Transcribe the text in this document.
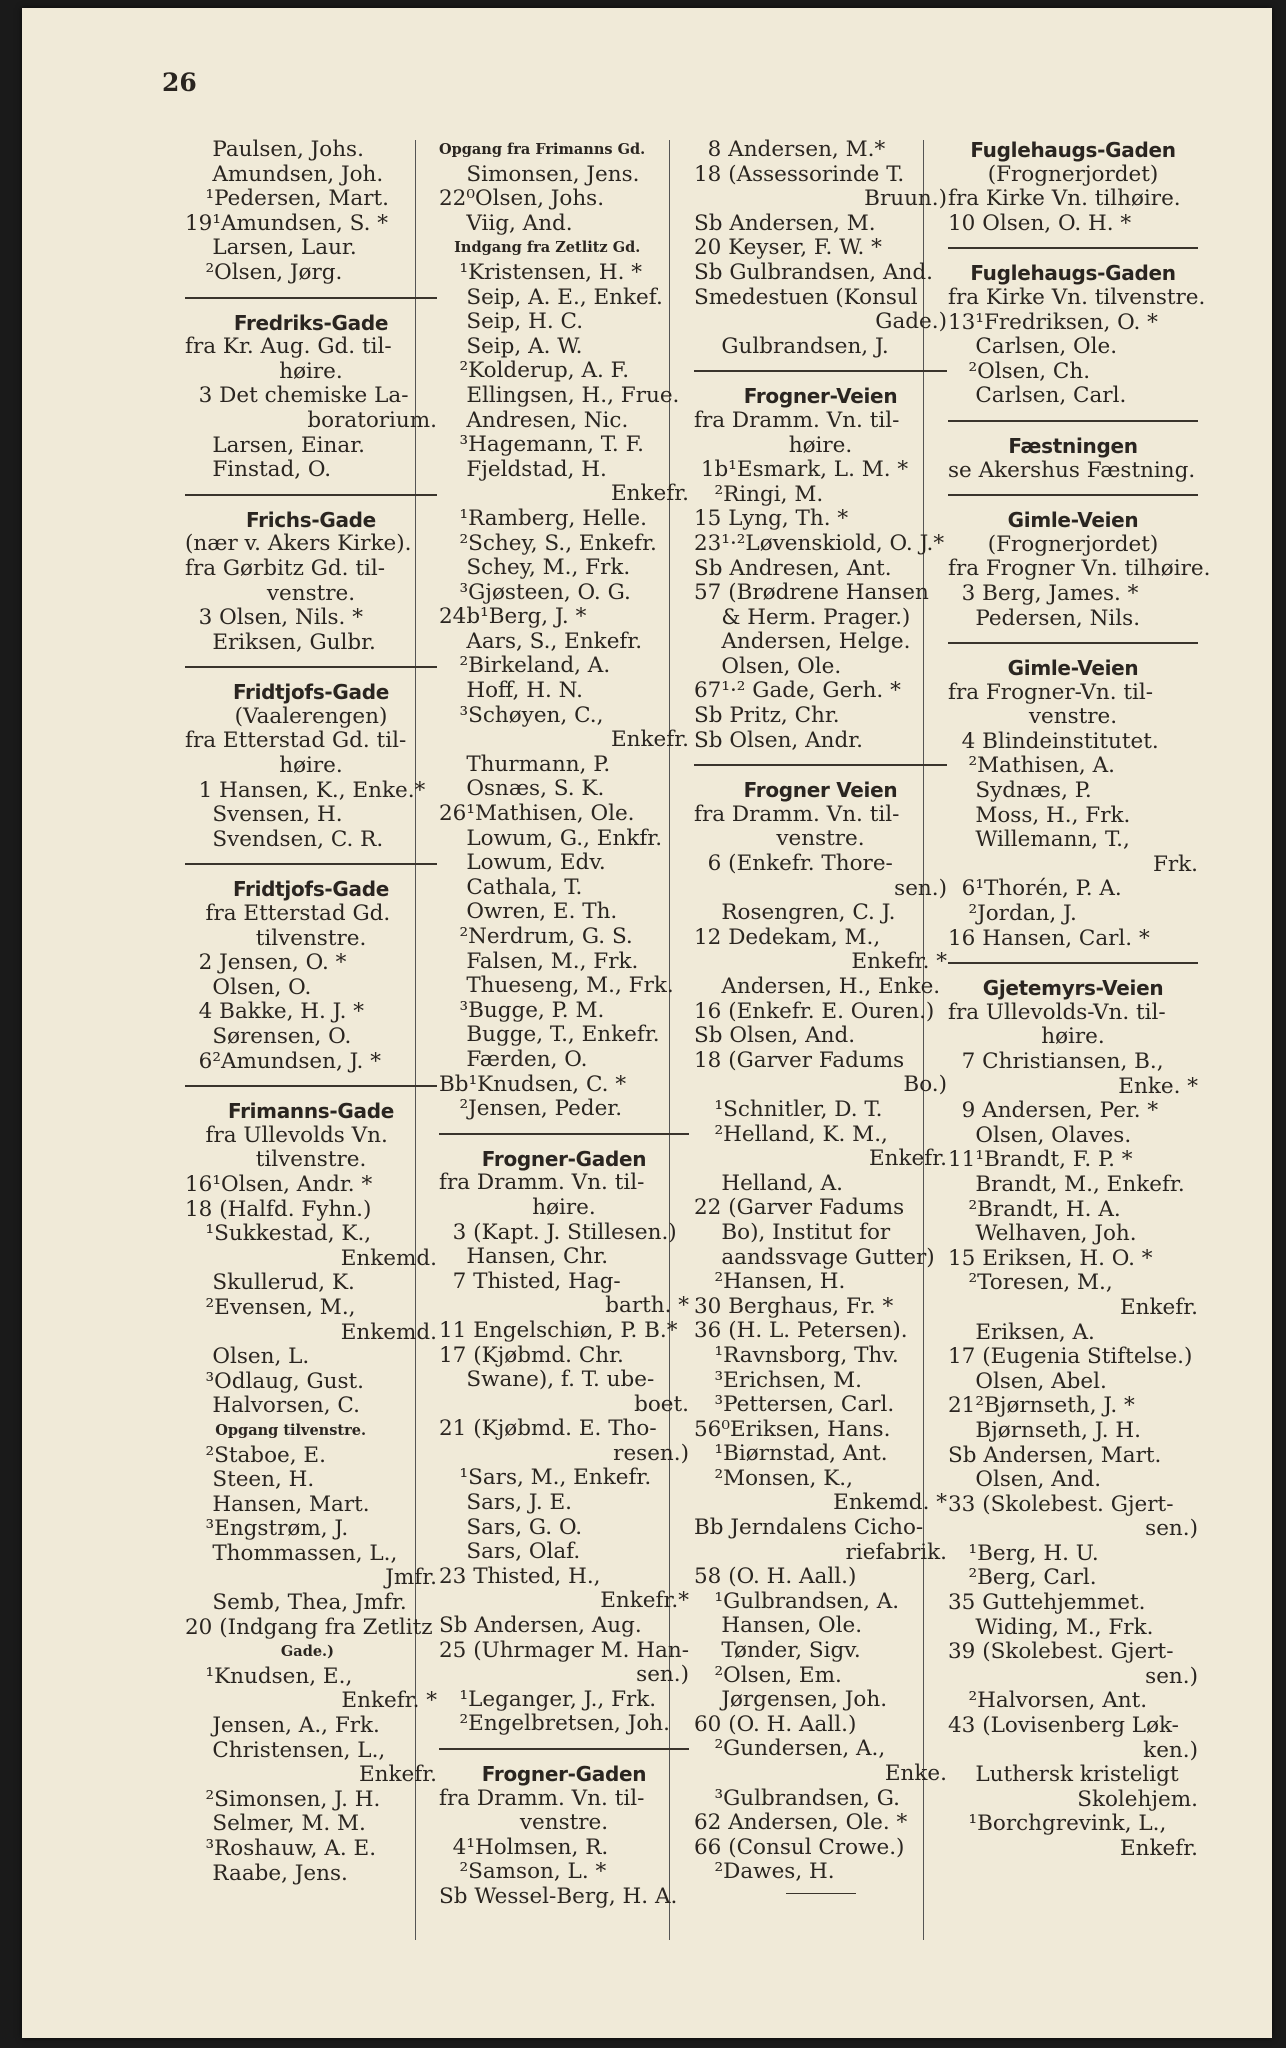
26
Paulsen, Johs.
Amundsen, Joh.
¹Pedersen, Mart.
19¹Amundsen, S. *
Larsen, Laur.
²Olsen, Jørg.
Fredriks-Gade
fra Kr. Aug. Gd. til-
høire.
3 Det chemiske La-
boratorium.
Larsen, Einar.
Finstad, O.
Frichs-Gade
(nær v. Akers Kirke).
fra Gørbitz Gd. til-
venstre.
3 Olsen, Nils. *
Eriksen, Gulbr.
Fridtjofs-Gade
(Vaalerengen)
fra Etterstad Gd. til-
høire.
1 Hansen, K., Enke.*
Svensen, H.
Svendsen, C. R.
Fridtjofs-Gade
fra Etterstad Gd.
tilvenstre.
2 Jensen, O. *
Olsen, O.
4 Bakke, H. J. *
Sørensen, O.
6²Amundsen, J. *
Frimanns-Gade
fra Ullevolds Vn.
tilvenstre.
16¹Olsen, Andr. *
18 (Halfd. Fyhn.)
¹Sukkestad, K.,
Enkemd.
Skullerud, K.
²Evensen, M.,
Enkemd.
Olsen, L.
³Odlaug, Gust.
Halvorsen, C.
Opgang tilvenstre.
²Staboe, E.
Steen, H.
Hansen, Mart.
³Engstrøm, J.
Thommassen, L.,
Jmfr.
Semb, Thea, Jmfr.
20 (Indgang fra Zetlitz
Gade.)
¹Knudsen, E.,
Enkefr. *
Jensen, A., Frk.
Christensen, L.,
Enkefr.
²Simonsen, J. H.
Selmer, M. M.
³Roshauw, A. E.
Raabe, Jens.
Opgang fra Frimanns Gd.
Simonsen, Jens.
22⁰Olsen, Johs.
Viig, And.
Indgang fra Zetlitz Gd.
¹Kristensen, H. *
Seip, A. E., Enkef.
Seip, H. C.
Seip, A. W.
²Kolderup, A. F.
Ellingsen, H., Frue.
Andresen, Nic.
³Hagemann, T. F.
Fjeldstad, H.
Enkefr.
¹Ramberg, Helle.
²Schey, S., Enkefr.
Schey, M., Frk.
³Gjøsteen, O. G.
24b¹Berg, J. *
Aars, S., Enkefr.
²Birkeland, A.
Hoff, H. N.
³Schøyen, C.,
Enkefr.
Thurmann, P.
Osnæs, S. K.
26¹Mathisen, Ole.
Lowum, G., Enkfr.
Lowum, Edv.
Cathala, T.
Owren, E. Th.
²Nerdrum, G. S.
Falsen, M., Frk.
Thueseng, M., Frk.
³Bugge, P. M.
Bugge, T., Enkefr.
Færden, O.
Bb¹Knudsen, C. *
²Jensen, Peder.
Frogner-Gaden
fra Dramm. Vn. til-
høire.
3 (Kapt. J. Stillesen.)
Hansen, Chr.
7 Thisted, Hag-
barth. *
11 Engelschiøn, P. B.*
17 (Kjøbmd. Chr.
Swane), f. T. ube-
boet.
21 (Kjøbmd. E. Tho-
resen.)
¹Sars, M., Enkefr.
Sars, J. E.
Sars, G. O.
Sars, Olaf.
23 Thisted, H.,
Enkefr.*
Sb Andersen, Aug.
25 (Uhrmager M. Han-
sen.)
¹Leganger, J., Frk.
²Engelbretsen, Joh.
Frogner-Gaden
fra Dramm. Vn. til-
venstre.
4¹Holmsen, R.
²Samson, L. *
Sb Wessel-Berg, H. A.
8 Andersen, M.*
18 (Assessorinde T.
Bruun.)
Sb Andersen, M.
20 Keyser, F. W. *
Sb Gulbrandsen, And.
Smedestuen (Konsul
Gade.)
Gulbrandsen, J.
Frogner-Veien
fra Dramm. Vn. til-
høire.
1b¹Esmark, L. M. *
²Ringi, M.
15 Lyng, Th. *
23¹·²Løvenskiold, O. J.*
Sb Andresen, Ant.
57 (Brødrene Hansen
& Herm. Prager.)
Andersen, Helge.
Olsen, Ole.
67¹·² Gade, Gerh. *
Sb Pritz, Chr.
Sb Olsen, Andr.
Frogner Veien
fra Dramm. Vn. til-
venstre.
6 (Enkefr. Thore-
sen.)
Rosengren, C. J.
12 Dedekam, M.,
Enkefr. *
Andersen, H., Enke.
16 (Enkefr. E. Ouren.)
Sb Olsen, And.
18 (Garver Fadums
Bo.)
¹Schnitler, D. T.
²Helland, K. M.,
Enkefr.
Helland, A.
22 (Garver Fadums
Bo), Institut for
aandssvage Gutter)
²Hansen, H.
30 Berghaus, Fr. *
36 (H. L. Petersen).
¹Ravnsborg, Thv.
³Erichsen, M.
³Pettersen, Carl.
56⁰Eriksen, Hans.
¹Biørnstad, Ant.
²Monsen, K.,
Enkemd. *
Bb Jerndalens Cicho-
riefabrik.
58 (O. H. Aall.)
¹Gulbrandsen, A.
Hansen, Ole.
Tønder, Sigv.
²Olsen, Em.
Jørgensen, Joh.
60 (O. H. Aall.)
²Gundersen, A.,
Enke.
³Gulbrandsen, G.
62 Andersen, Ole. *
66 (Consul Crowe.)
²Dawes, H.
Fuglehaugs-Gaden
(Frognerjordet)
fra Kirke Vn. tilhøire.
10 Olsen, O. H. *
Fuglehaugs-Gaden
fra Kirke Vn. tilvenstre.
13¹Fredriksen, O. *
Carlsen, Ole.
²Olsen, Ch.
Carlsen, Carl.
Fæstningen
se Akershus Fæstning.
Gimle-Veien
(Frognerjordet)
fra Frogner Vn. tilhøire.
3 Berg, James. *
Pedersen, Nils.
Gimle-Veien
fra Frogner-Vn. til-
venstre.
4 Blindeinstitutet.
²Mathisen, A.
Sydnæs, P.
Moss, H., Frk.
Willemann, T.,
Frk.
6¹Thorén, P. A.
²Jordan, J.
16 Hansen, Carl. *
Gjetemyrs-Veien
fra Ullevolds-Vn. til-
høire.
7 Christiansen, B.,
Enke. *
9 Andersen, Per. *
Olsen, Olaves.
11¹Brandt, F. P. *
Brandt, M., Enkefr.
²Brandt, H. A.
Welhaven, Joh.
15 Eriksen, H. O. *
²Toresen, M.,
Enkefr.
Eriksen, A.
17 (Eugenia Stiftelse.)
Olsen, Abel.
21²Bjørnseth, J. *
Bjørnseth, J. H.
Sb Andersen, Mart.
Olsen, And.
33 (Skolebest. Gjert-
sen.)
¹Berg, H. U.
²Berg, Carl.
35 Guttehjemmet.
Widing, M., Frk.
39 (Skolebest. Gjert-
sen.)
²Halvorsen, Ant.
43 (Lovisenberg Løk-
ken.)
Luthersk kristeligt
Skolehjem.
¹Borchgrevink, L.,
Enkefr.
